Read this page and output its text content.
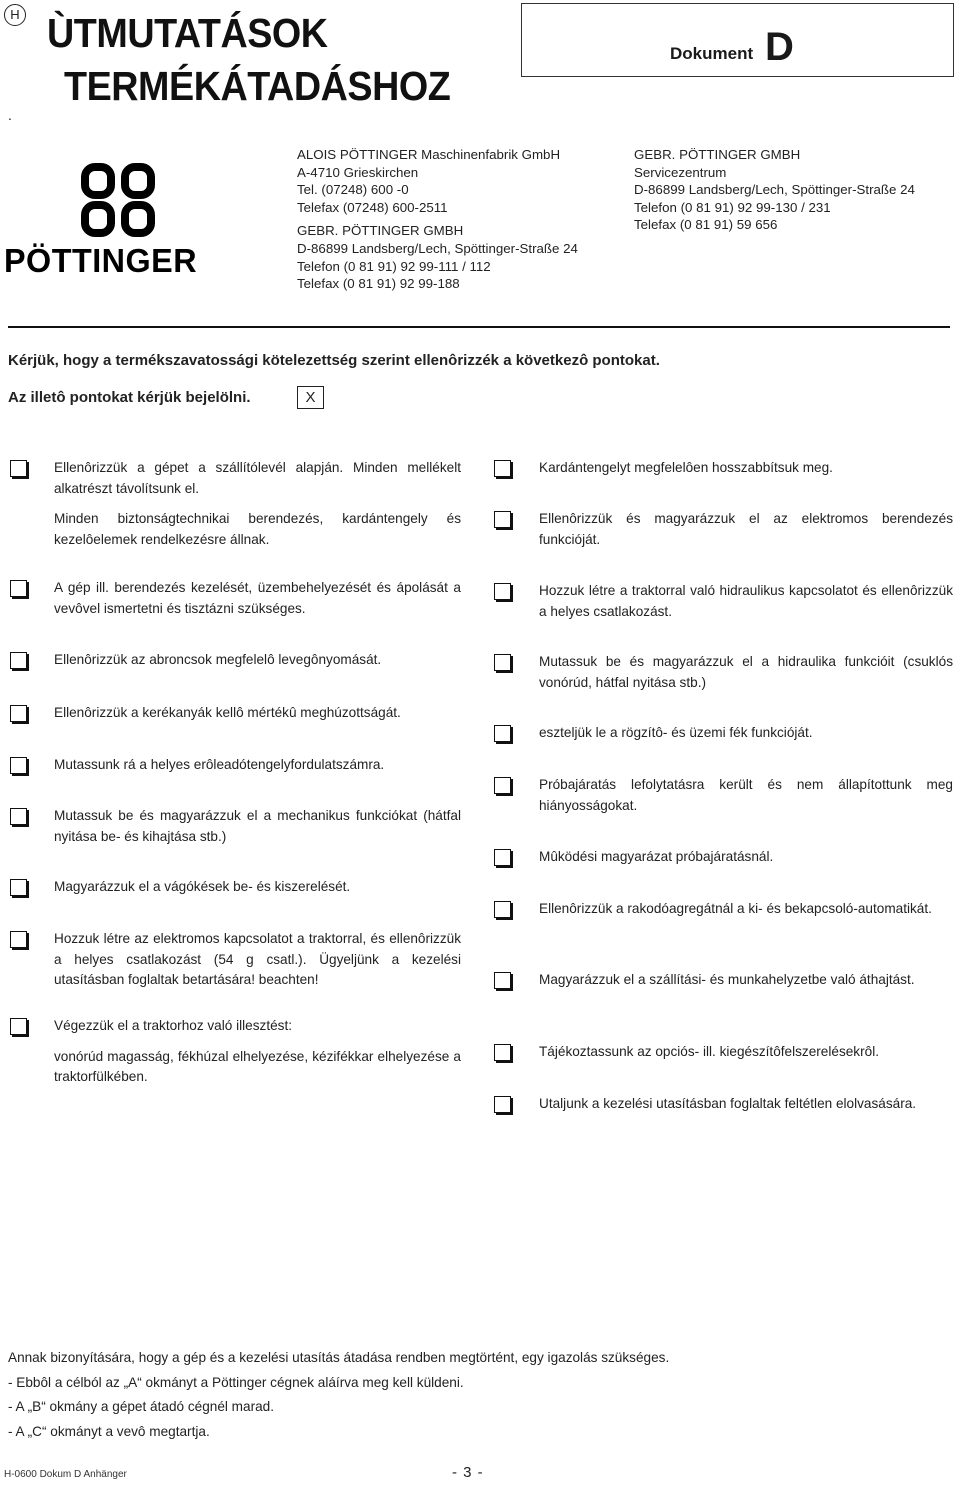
H ÙTMUTATÁSOK
TERMÉKÁTADÁSHOZ
.
Dokument D
PÖTTINGER
ALOIS PÖTTINGER Maschinenfabrik GmbH
A-4710 Grieskirchen
Tel. (07248) 600 -0
Telefax (07248) 600-2511
GEBR. PÖTTINGER GMBH
D-86899 Landsberg/Lech, Spöttinger-Straße 24
Telefon (0 81 91) 92 99-111 / 112
Telefax (0 81 91) 92 99-188
GEBR. PÖTTINGER GMBH
Servicezentrum
D-86899 Landsberg/Lech, Spöttinger-Straße 24
Telefon (0 81 91) 92 99-130 / 231
Telefax (0 81 91) 59 656
Kérjük, hogy a termékszavatossági kötelezettség szerint ellenôrizzék a következô pontokat.
Az illetô pontokat kérjük bejelölni.	X

Ellenôrizzük a gépet a szállítólevél alapján. Minden mellékelt alkatrészt távolítsunk el.

Minden biztonságtechnikai berendezés, kardántengely és kezelôelemek rendelkezésre állnak.

A gép ill. berendezés kezelését, üzembehelyezését és ápolását a vevôvel ismertetni és tisztázni szükséges.

Ellenôrizzük az abroncsok megfelelô levegônyomását.

Ellenôrizzük a kerékanyák kellô mértékû meghúzottságát.

Mutassunk rá a helyes erôleadótengelyfordulatszámra.

Mutassuk be és magyarázzuk el a mechanikus funkciókat (hátfal nyitása be- és kihajtása stb.)

Magyarázzuk el a vágókések be- és kiszerelését.

Hozzuk létre az elektromos kapcsolatot a traktorral, és ellenôrizzük a helyes csatlakozást (54 g csatl.). Ügyeljünk a kezelési utasításban foglaltak betartására! beachten!

Végezzük el a traktorhoz való illesztést:

vonórúd magasság, fékhúzal elhelyezése, kézifékkar elhelyezése a traktorfülkében.

Kardántengelyt megfelelôen hosszabbítsuk meg.

Ellenôrizzük és magyarázzuk el az elektromos berendezés funkcióját.

Hozzuk létre a traktorral való hidraulikus kapcsolatot és ellenôrizzük a helyes csatlakozást.

Mutassuk be és magyarázzuk el a hidraulika funkcióit (csuklós vonórúd, hátfal nyitása stb.)

eszteljük le a rögzítô- és üzemi fék funkcióját.

Próbajáratás lefolytatásra került és nem állapítottunk meg hiányosságokat.

Mûködési magyarázat próbajáratásnál.

Ellenôrizzük a rakodóagregátnál a ki- és bekapcsoló-automatikát.

Magyarázzuk el a szállítási- és munkahelyzetbe való áthajtást.

Tájékoztassunk az opciós- ill. kiegészítôfelszerelésekrôl.

Utaljunk a kezelési utasításban foglaltak feltétlen elolvasására.

Annak bizonyítására, hogy a gép és a kezelési utasítás átadása rendben megtörtént, egy igazolás szükséges.
- Ebbôl a célból az „A“ okmányt a Pöttinger cégnek aláírva meg kell küldeni.
- A „B“ okmány a gépet átadó cégnél marad.
- A „C“ okmányt a vevô megtartja.
H-0600 Dokum D Anhänger	- 3 -
